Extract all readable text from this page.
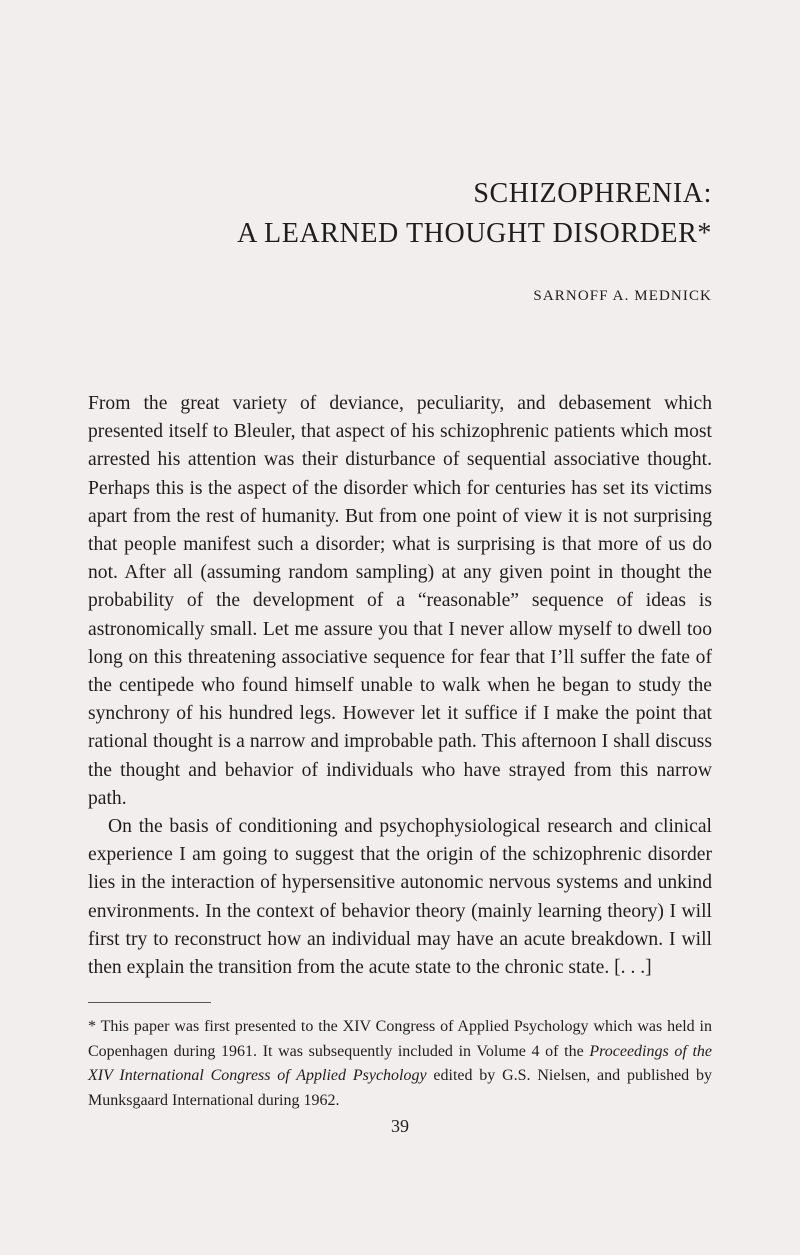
SCHIZOPHRENIA:
A LEARNED THOUGHT DISORDER*
SARNOFF A. MEDNICK

From the great variety of deviance, peculiarity, and debasement which presented itself to Bleuler, that aspect of his schizophrenic patients which most arrested his attention was their disturbance of sequential associative thought. Perhaps this is the aspect of the disorder which for centuries has set its victims apart from the rest of humanity. But from one point of view it is not surprising that people manifest such a disorder; what is surprising is that more of us do not. After all (assuming random sampling) at any given point in thought the probability of the development of a “reasonable” sequence of ideas is astronomically small. Let me assure you that I never allow myself to dwell too long on this threatening associative sequence for fear that I’ll suffer the fate of the centipede who found himself unable to walk when he began to study the synchrony of his hundred legs. However let it suffice if I make the point that rational thought is a narrow and improbable path. This afternoon I shall discuss the thought and behavior of individuals who have strayed from this narrow path.

On the basis of conditioning and psychophysiological research and clinical experience I am going to suggest that the origin of the schizophrenic disorder lies in the interaction of hypersensitive autonomic nervous systems and unkind environments. In the context of behavior theory (mainly learning theory) I will first try to reconstruct how an individual may have an acute breakdown. I will then explain the transition from the acute state to the chronic state. [. . .]

* This paper was first presented to the XIV Congress of Applied Psychology which was held in Copenhagen during 1961. It was subsequently included in Volume 4 of the Proceedings of the XIV International Congress of Applied Psychology edited by G.S. Nielsen, and published by Munksgaard International during 1962.

39
